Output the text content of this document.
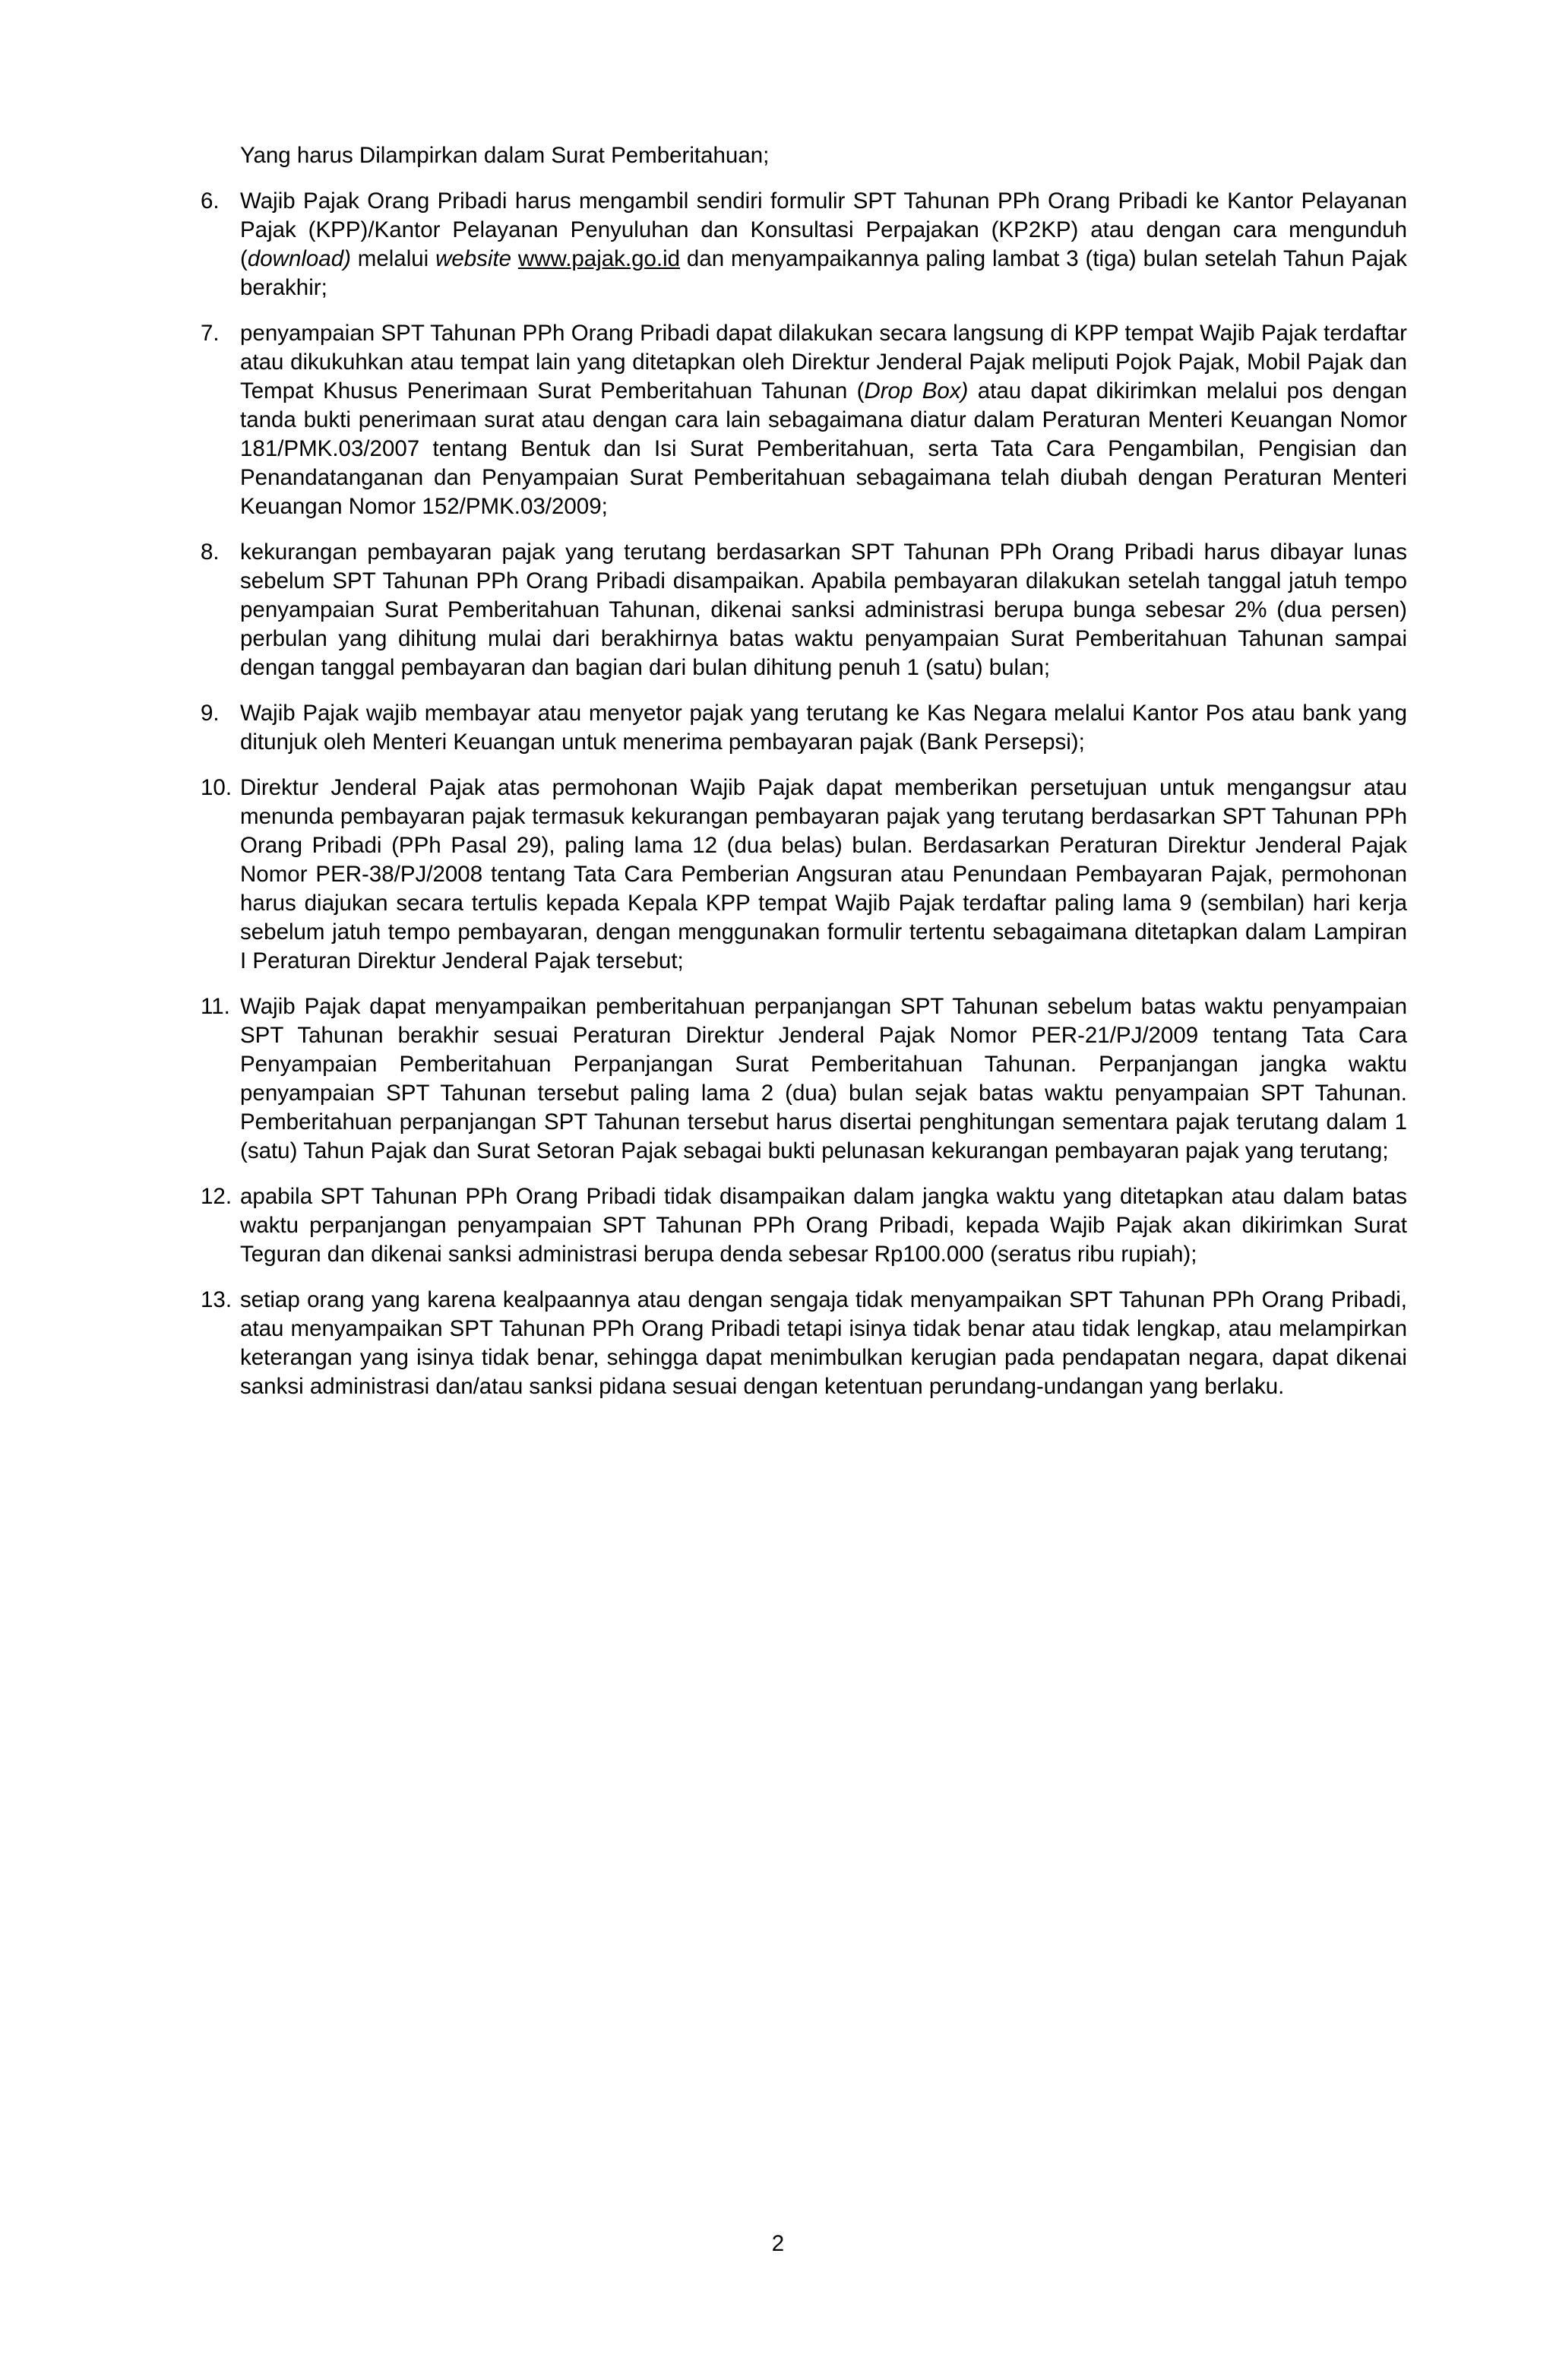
Yang harus Dilampirkan dalam Surat Pemberitahuan;

6. Wajib Pajak Orang Pribadi harus mengambil sendiri formulir SPT Tahunan PPh Orang Pribadi ke Kantor Pelayanan Pajak (KPP)/Kantor Pelayanan Penyuluhan dan Konsultasi Perpajakan (KP2KP) atau dengan cara mengunduh (download) melalui website www.pajak.go.id dan menyampaikannya paling lambat 3 (tiga) bulan setelah Tahun Pajak berakhir;
7. penyampaian SPT Tahunan PPh Orang Pribadi dapat dilakukan secara langsung di KPP tempat Wajib Pajak terdaftar atau dikukuhkan atau tempat lain yang ditetapkan oleh Direktur Jenderal Pajak meliputi Pojok Pajak, Mobil Pajak dan Tempat Khusus Penerimaan Surat Pemberitahuan Tahunan (Drop Box) atau dapat dikirimkan melalui pos dengan tanda bukti penerimaan surat atau dengan cara lain sebagaimana diatur dalam Peraturan Menteri Keuangan Nomor 181/PMK.03/2007 tentang Bentuk dan Isi Surat Pemberitahuan, serta Tata Cara Pengambilan, Pengisian dan Penandatanganan dan Penyampaian Surat Pemberitahuan sebagaimana telah diubah dengan Peraturan Menteri Keuangan Nomor 152/PMK.03/2009;
8. kekurangan pembayaran pajak yang terutang berdasarkan SPT Tahunan PPh Orang Pribadi harus dibayar lunas sebelum SPT Tahunan PPh Orang Pribadi disampaikan. Apabila pembayaran dilakukan setelah tanggal jatuh tempo penyampaian Surat Pemberitahuan Tahunan, dikenai sanksi administrasi berupa bunga sebesar 2% (dua persen) perbulan yang dihitung mulai dari berakhirnya batas waktu penyampaian Surat Pemberitahuan Tahunan sampai dengan tanggal pembayaran dan bagian dari bulan dihitung penuh 1 (satu) bulan;
9. Wajib Pajak wajib membayar atau menyetor pajak yang terutang ke Kas Negara melalui Kantor Pos atau bank yang ditunjuk oleh Menteri Keuangan untuk menerima pembayaran pajak (Bank Persepsi);
10. Direktur Jenderal Pajak atas permohonan Wajib Pajak dapat memberikan persetujuan untuk mengangsur atau menunda pembayaran pajak termasuk kekurangan pembayaran pajak yang terutang berdasarkan SPT Tahunan PPh Orang Pribadi (PPh Pasal 29), paling lama 12 (dua belas) bulan. Berdasarkan Peraturan Direktur Jenderal Pajak Nomor PER-38/PJ/2008 tentang Tata Cara Pemberian Angsuran atau Penundaan Pembayaran Pajak, permohonan harus diajukan secara tertulis kepada Kepala KPP tempat Wajib Pajak terdaftar paling lama 9 (sembilan) hari kerja sebelum jatuh tempo pembayaran, dengan menggunakan formulir tertentu sebagaimana ditetapkan dalam Lampiran I Peraturan Direktur Jenderal Pajak tersebut;
11. Wajib Pajak dapat menyampaikan pemberitahuan perpanjangan SPT Tahunan sebelum batas waktu penyampaian SPT Tahunan berakhir sesuai Peraturan Direktur Jenderal Pajak Nomor PER-21/PJ/2009 tentang Tata Cara Penyampaian Pemberitahuan Perpanjangan Surat Pemberitahuan Tahunan. Perpanjangan jangka waktu penyampaian SPT Tahunan tersebut paling lama 2 (dua) bulan sejak batas waktu penyampaian SPT Tahunan. Pemberitahuan perpanjangan SPT Tahunan tersebut harus disertai penghitungan sementara pajak terutang dalam 1 (satu) Tahun Pajak dan Surat Setoran Pajak sebagai bukti pelunasan kekurangan pembayaran pajak yang terutang;
12. apabila SPT Tahunan PPh Orang Pribadi tidak disampaikan dalam jangka waktu yang ditetapkan atau dalam batas waktu perpanjangan penyampaian SPT Tahunan PPh Orang Pribadi, kepada Wajib Pajak akan dikirimkan Surat Teguran dan dikenai sanksi administrasi berupa denda sebesar Rp100.000 (seratus ribu rupiah);
13. setiap orang yang karena kealpaannya atau dengan sengaja tidak menyampaikan SPT Tahunan PPh Orang Pribadi, atau menyampaikan SPT Tahunan PPh Orang Pribadi tetapi isinya tidak benar atau tidak lengkap, atau melampirkan keterangan yang isinya tidak benar, sehingga dapat menimbulkan kerugian pada pendapatan negara, dapat dikenai sanksi administrasi dan/atau sanksi pidana sesuai dengan ketentuan perundang-undangan yang berlaku.
2
